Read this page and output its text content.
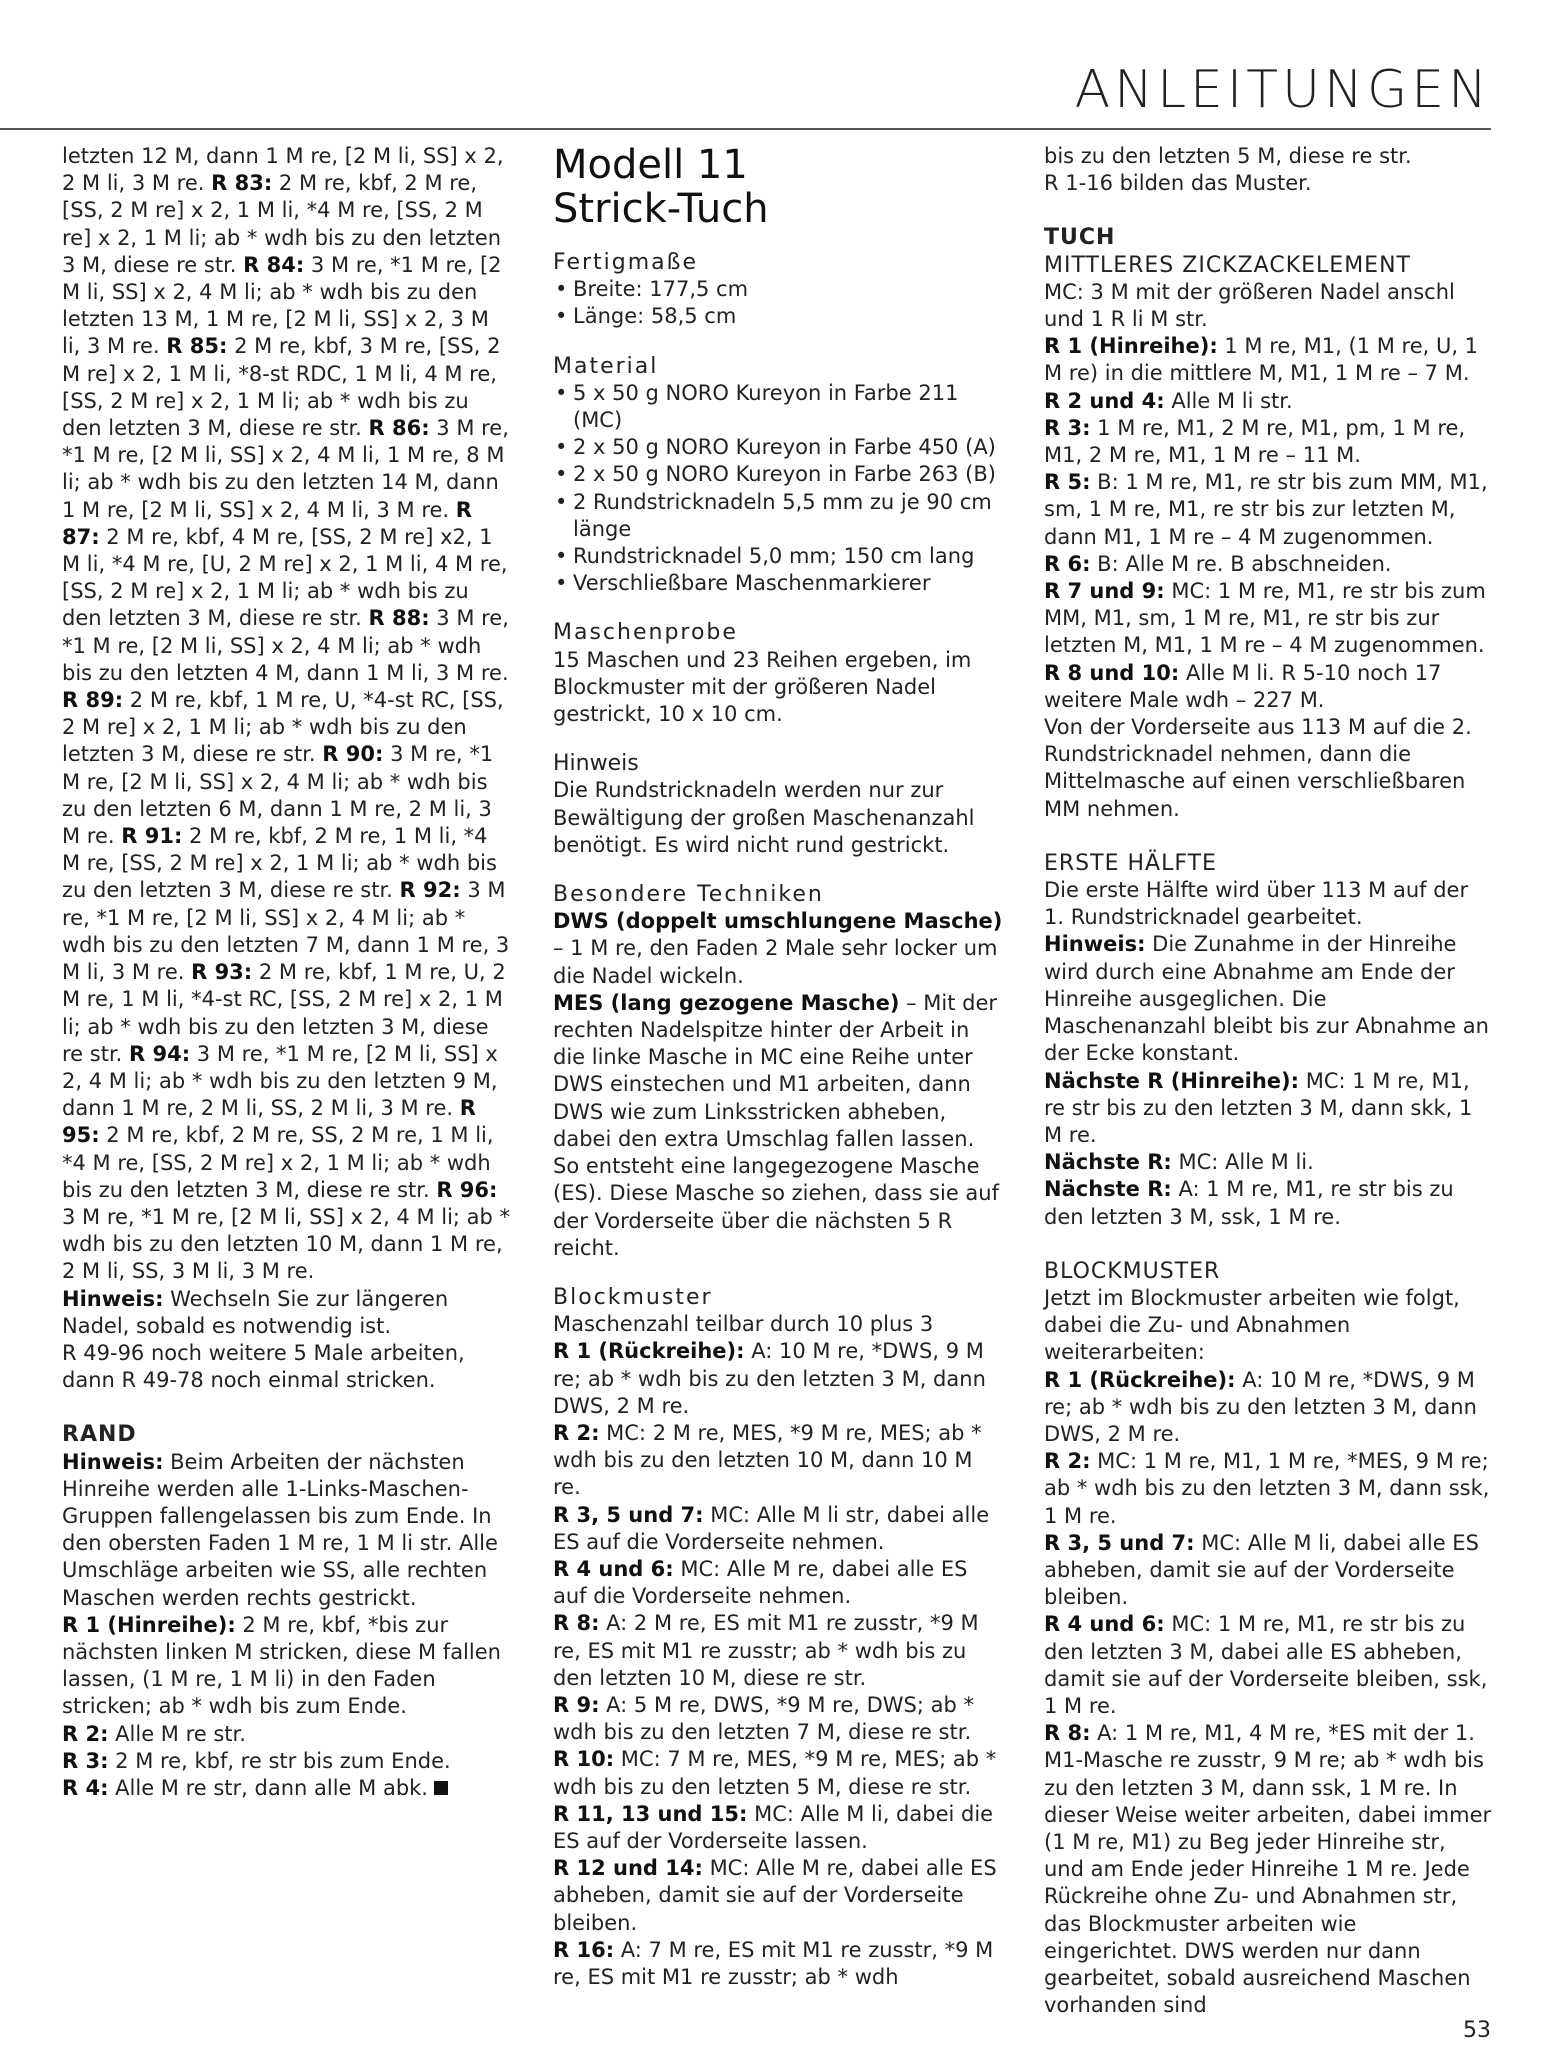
ANLEITUNGEN

letzten 12 M, dann 1 M re, [2 M li, SS] x 2, 2 M li, 3 M re. R 83: 2 M re, kbf, 2 M re, [SS, 2 M re] x 2, 1 M li, *4 M re, [SS, 2 M re] x 2, 1 M li; ab * wdh bis zu den letzten 3 M, diese re str. R 84: 3 M re, *1 M re, [2 M li, SS] x 2, 4 M li; ab * wdh bis zu den letzten 13 M, 1 M re, [2 M li, SS] x 2, 3 M li, 3 M re. R 85: 2 M re, kbf, 3 M re, [SS, 2 M re] x 2, 1 M li, *8-st RDC, 1 M li, 4 M re, [SS, 2 M re] x 2, 1 M li; ab * wdh bis zu den letzten 3 M, diese re str. R 86: 3 M re, *1 M re, [2 M li, SS] x 2, 4 M li, 1 M re, 8 M li; ab * wdh bis zu den letzten 14 M, dann 1 M re, [2 M li, SS] x 2, 4 M li, 3 M re. R 87: 2 M re, kbf, 4 M re, [SS, 2 M re] x2, 1 M li, *4 M re, [U, 2 M re] x 2, 1 M li, 4 M re, [SS, 2 M re] x 2, 1 M li; ab * wdh bis zu den letzten 3 M, diese re str. R 88: 3 M re, *1 M re, [2 M li, SS] x 2, 4 M li; ab * wdh bis zu den letzten 4 M, dann 1 M li, 3 M re.

R 89: 2 M re, kbf, 1 M re, U, *4-st RC, [SS, 2 M re] x 2, 1 M li; ab * wdh bis zu den letzten 3 M, diese re str. R 90: 3 M re, *1 M re, [2 M li, SS] x 2, 4 M li; ab * wdh bis zu den letzten 6 M, dann 1 M re, 2 M li, 3 M re. R 91: 2 M re, kbf, 2 M re, 1 M li, *4 M re, [SS, 2 M re] x 2, 1 M li; ab * wdh bis zu den letzten 3 M, diese re str. R 92: 3 M re, *1 M re, [2 M li, SS] x 2, 4 M li; ab * wdh bis zu den letzten 7 M, dann 1 M re, 3 M li, 3 M re. R 93: 2 M re, kbf, 1 M re, U, 2 M re, 1 M li, *4-st RC, [SS, 2 M re] x 2, 1 M li; ab * wdh bis zu den letzten 3 M, diese re str. R 94: 3 M re, *1 M re, [2 M li, SS] x 2, 4 M li; ab * wdh bis zu den letzten 9 M, dann 1 M re, 2 M li, SS, 2 M li, 3 M re. R 95: 2 M re, kbf, 2 M re, SS, 2 M re, 1 M li, *4 M re, [SS, 2 M re] x 2, 1 M li; ab * wdh bis zu den letzten 3 M, diese re str. R 96: 3 M re, *1 M re, [2 M li, SS] x 2, 4 M li; ab * wdh bis zu den letzten 10 M, dann 1 M re, 2 M li, SS, 3 M li, 3 M re.

Hinweis: Wechseln Sie zur längeren Nadel, sobald es notwendig ist.

R 49-96 noch weitere 5 Male arbeiten, dann R 49-78 noch einmal stricken.

RAND

Hinweis: Beim Arbeiten der nächsten Hinreihe werden alle 1-Links-Maschen-Gruppen fallengelassen bis zum Ende. In den obersten Faden 1 M re, 1 M li str. Alle Umschläge arbeiten wie SS, alle rechten Maschen werden rechts gestrickt.

R 1 (Hinreihe): 2 M re, kbf, *bis zur nächsten linken M stricken, diese M fallen lassen, (1 M re, 1 M li) in den Faden stricken; ab * wdh bis zum Ende.

R 2: Alle M re str.

R 3: 2 M re, kbf, re str bis zum Ende.

R 4: Alle M re str, dann alle M abk.

Modell 11
Strick-Tuch

Fertigmaße

• Breite: 177,5 cm
• Länge: 58,5 cm

Material

• 5 x 50 g NORO Kureyon in Farbe 211 (MC)
• 2 x 50 g NORO Kureyon in Farbe 450 (A)
• 2 x 50 g NORO Kureyon in Farbe 263 (B)
• 2 Rundstricknadeln 5,5 mm zu je 90 cm länge
• Rundstricknadel 5,0 mm; 150 cm lang
• Verschließbare Maschenmarkierer

Maschenprobe

15 Maschen und 23 Reihen ergeben, im Blockmuster mit der größeren Nadel gestrickt, 10 x 10 cm.

Hinweis

Die Rundstricknadeln werden nur zur Bewältigung der großen Maschenanzahl benötigt. Es wird nicht rund gestrickt.

Besondere Techniken

DWS (doppelt umschlungene Masche) – 1 M re, den Faden 2 Male sehr locker um die Nadel wickeln.

MES (lang gezogene Masche) – Mit der rechten Nadelspitze hinter der Arbeit in die linke Masche in MC eine Reihe unter DWS einstechen und M1 arbeiten, dann DWS wie zum Linksstricken abheben, dabei den extra Umschlag fallen lassen. So entsteht eine langegezogene Masche (ES). Diese Masche so ziehen, dass sie auf der Vorderseite über die nächsten 5 R reicht.

Blockmuster

Maschenzahl teilbar durch 10 plus 3

R 1 (Rückreihe): A: 10 M re, *DWS, 9 M re; ab * wdh bis zu den letzten 3 M, dann DWS, 2 M re.

R 2: MC: 2 M re, MES, *9 M re, MES; ab * wdh bis zu den letzten 10 M, dann 10 M re.

R 3, 5 und 7: MC: Alle M li str, dabei alle ES auf die Vorderseite nehmen.

R 4 und 6: MC: Alle M re, dabei alle ES auf die Vorderseite nehmen.

R 8: A: 2 M re, ES mit M1 re zusstr, *9 M re, ES mit M1 re zusstr; ab * wdh bis zu den letzten 10 M, diese re str.

R 9: A: 5 M re, DWS, *9 M re, DWS; ab * wdh bis zu den letzten 7 M, diese re str.

R 10: MC: 7 M re, MES, *9 M re, MES; ab * wdh bis zu den letzten 5 M, diese re str.

R 11, 13 und 15: MC: Alle M li, dabei die ES auf der Vorderseite lassen.

R 12 und 14: MC: Alle M re, dabei alle ES abheben, damit sie auf der Vorderseite bleiben.

R 16: A: 7 M re, ES mit M1 re zusstr, *9 M re, ES mit M1 re zusstr; ab * wdh

bis zu den letzten 5 M, diese re str.

R 1-16 bilden das Muster.

TUCH

MITTLERES ZICKZACKELEMENT

MC: 3 M mit der größeren Nadel anschl und 1 R li M str.

R 1 (Hinreihe): 1 M re, M1, (1 M re, U, 1 M re) in die mittlere M, M1, 1 M re – 7 M.

R 2 und 4: Alle M li str.

R 3: 1 M re, M1, 2 M re, M1, pm, 1 M re, M1, 2 M re, M1, 1 M re – 11 M.

R 5: B: 1 M re, M1, re str bis zum MM, M1, sm, 1 M re, M1, re str bis zur letzten M, dann M1, 1 M re – 4 M zugenommen.

R 6: B: Alle M re. B abschneiden.

R 7 und 9: MC: 1 M re, M1, re str bis zum MM, M1, sm, 1 M re, M1, re str bis zur letzten M, M1, 1 M re – 4 M zugenommen.

R 8 und 10: Alle M li. R 5-10 noch 17 weitere Male wdh – 227 M.

Von der Vorderseite aus 113 M auf die 2. Rundstricknadel nehmen, dann die Mittelmasche auf einen verschließbaren MM nehmen.

ERSTE HÄLFTE

Die erste Hälfte wird über 113 M auf der 1. Rundstricknadel gearbeitet.

Hinweis: Die Zunahme in der Hinreihe wird durch eine Abnahme am Ende der Hinreihe ausgeglichen. Die Maschenanzahl bleibt bis zur Abnahme an der Ecke konstant.

Nächste R (Hinreihe): MC: 1 M re, M1, re str bis zu den letzten 3 M, dann skk, 1 M re.

Nächste R: MC: Alle M li.

Nächste R: A: 1 M re, M1, re str bis zu den letzten 3 M, ssk, 1 M re.

BLOCKMUSTER

Jetzt im Blockmuster arbeiten wie folgt, dabei die Zu- und Abnahmen weiterarbeiten:

R 1 (Rückreihe): A: 10 M re, *DWS, 9 M re; ab * wdh bis zu den letzten 3 M, dann DWS, 2 M re.

R 2: MC: 1 M re, M1, 1 M re, *MES, 9 M re; ab * wdh bis zu den letzten 3 M, dann ssk, 1 M re.

R 3, 5 und 7: MC: Alle M li, dabei alle ES abheben, damit sie auf der Vorderseite bleiben.

R 4 und 6: MC: 1 M re, M1, re str bis zu den letzten 3 M, dabei alle ES abheben, damit sie auf der Vorderseite bleiben, ssk, 1 M re.

R 8: A: 1 M re, M1, 4 M re, *ES mit der 1. M1-Masche re zusstr, 9 M re; ab * wdh bis zu den letzten 3 M, dann ssk, 1 M re. In dieser Weise weiter arbeiten, dabei immer (1 M re, M1) zu Beg jeder Hinreihe str, und am Ende jeder Hinreihe 1 M re. Jede Rückreihe ohne Zu- und Abnahmen str, das Blockmuster arbeiten wie eingerichtet. DWS werden nur dann gearbeitet, sobald ausreichend Maschen vorhanden sind

53
